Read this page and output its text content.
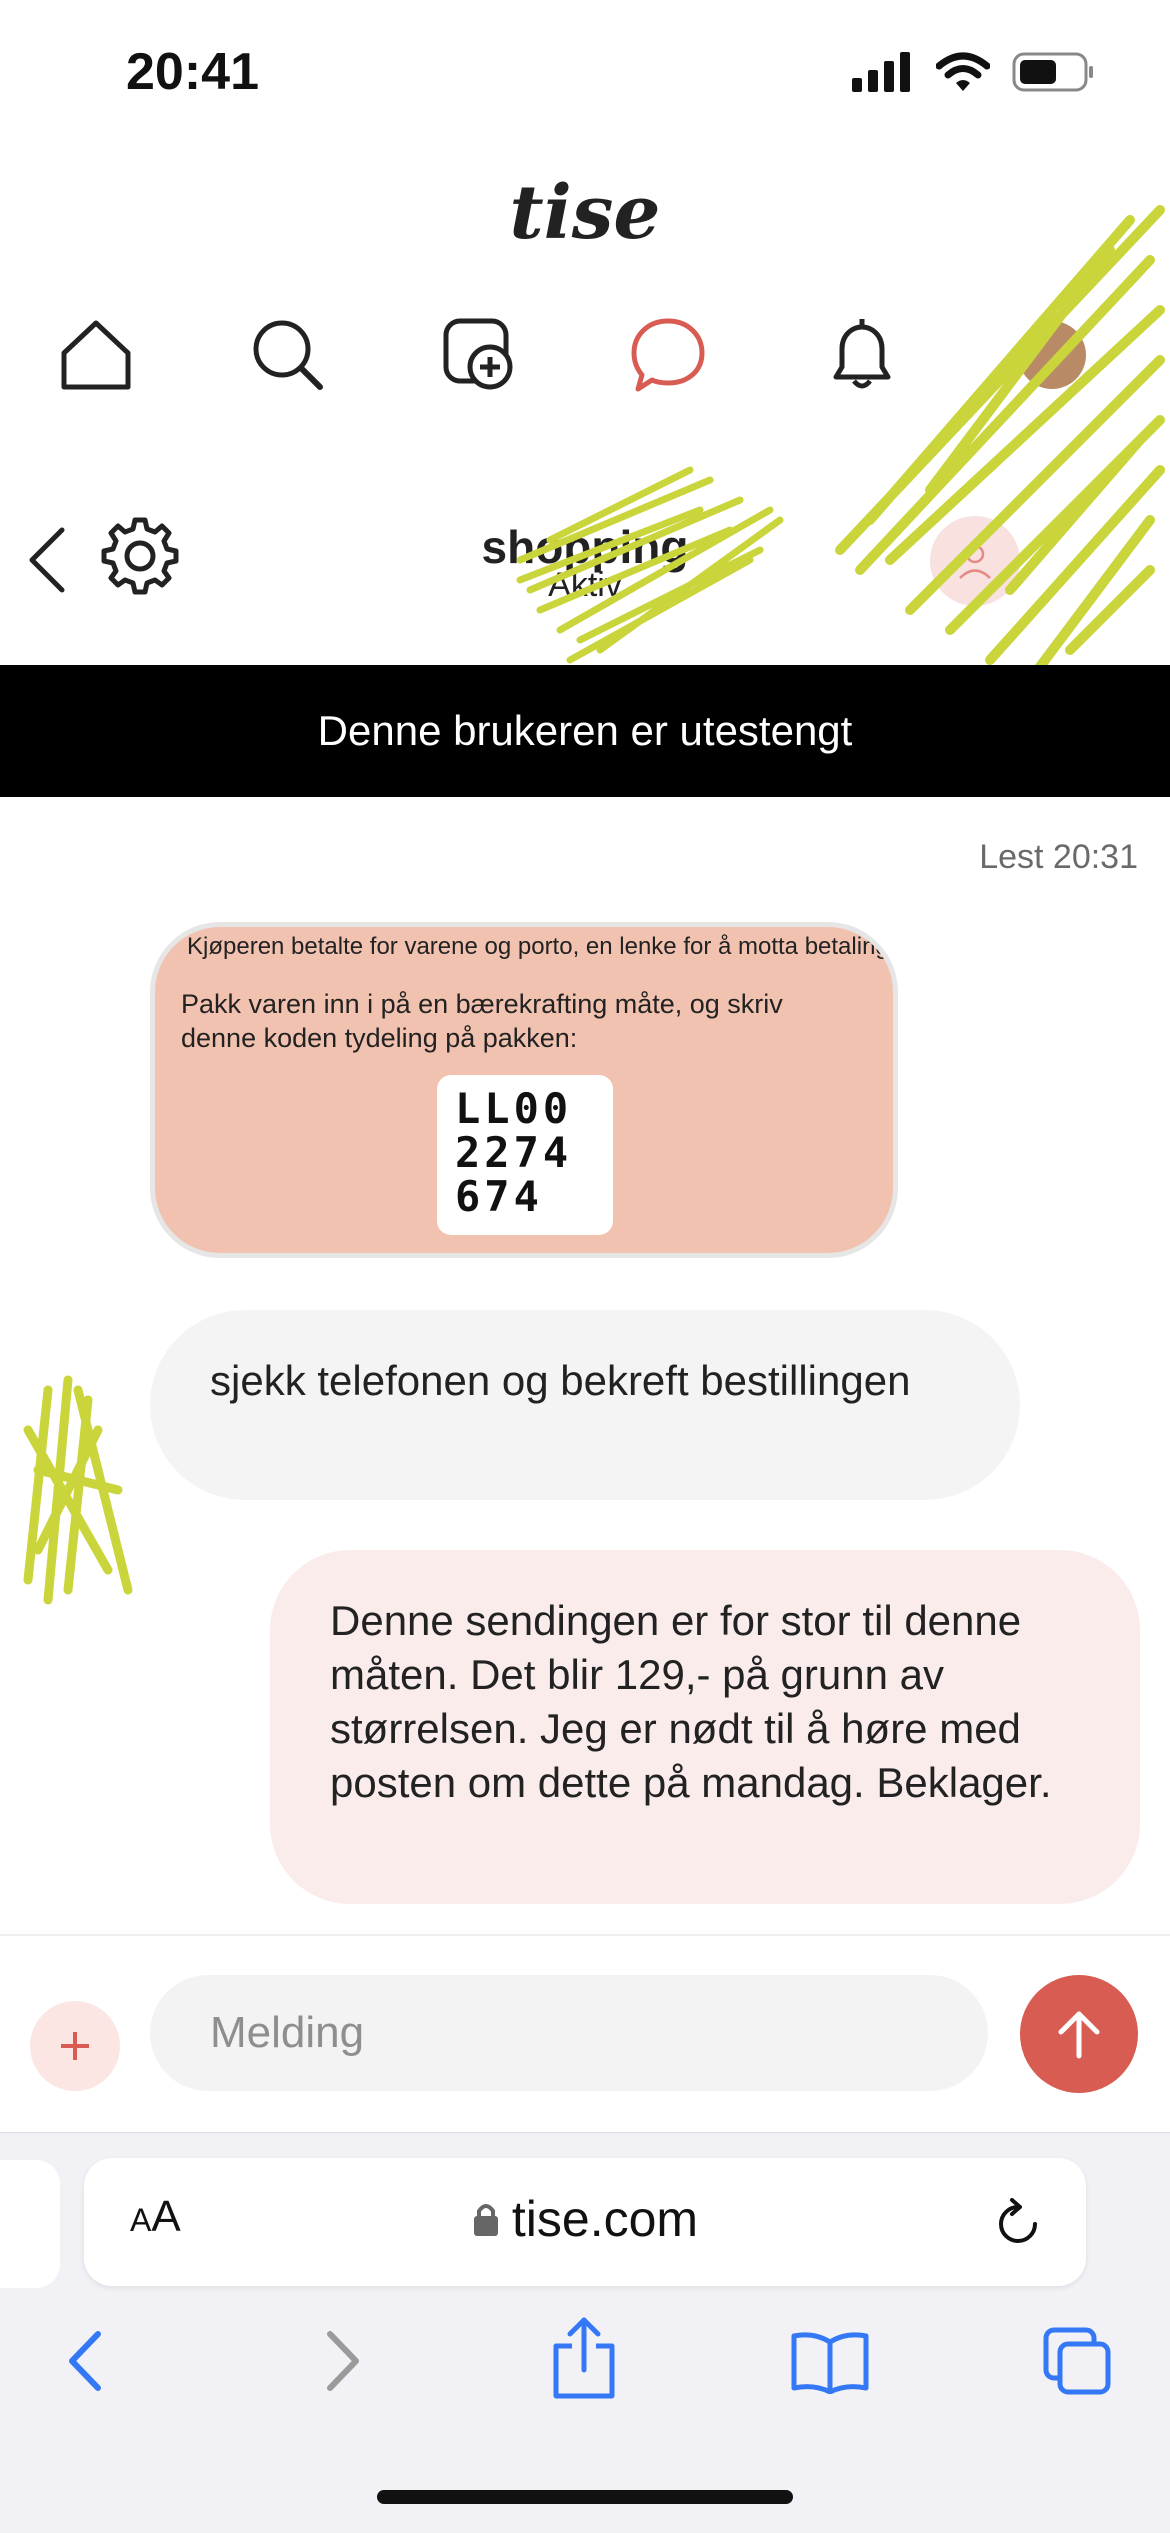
20:41
tise
shopping
Aktiv
Denne brukeren er utestengt
Lest 20:31
Kjøperen betalte for varene og porto, en lenke for å motta betaling
Pakk varen inn i på en bærekrafting måte, og skriv denne koden tydeling på pakken:
LL00
2274
674
sjekk telefonen og bekreft bestillingen
Denne sendingen er for stor til denne måten. Det blir 129,- på grunn av størrelsen. Jeg er nødt til å høre med posten om dette på mandag. Beklager.
Melding
AA	tise.com
